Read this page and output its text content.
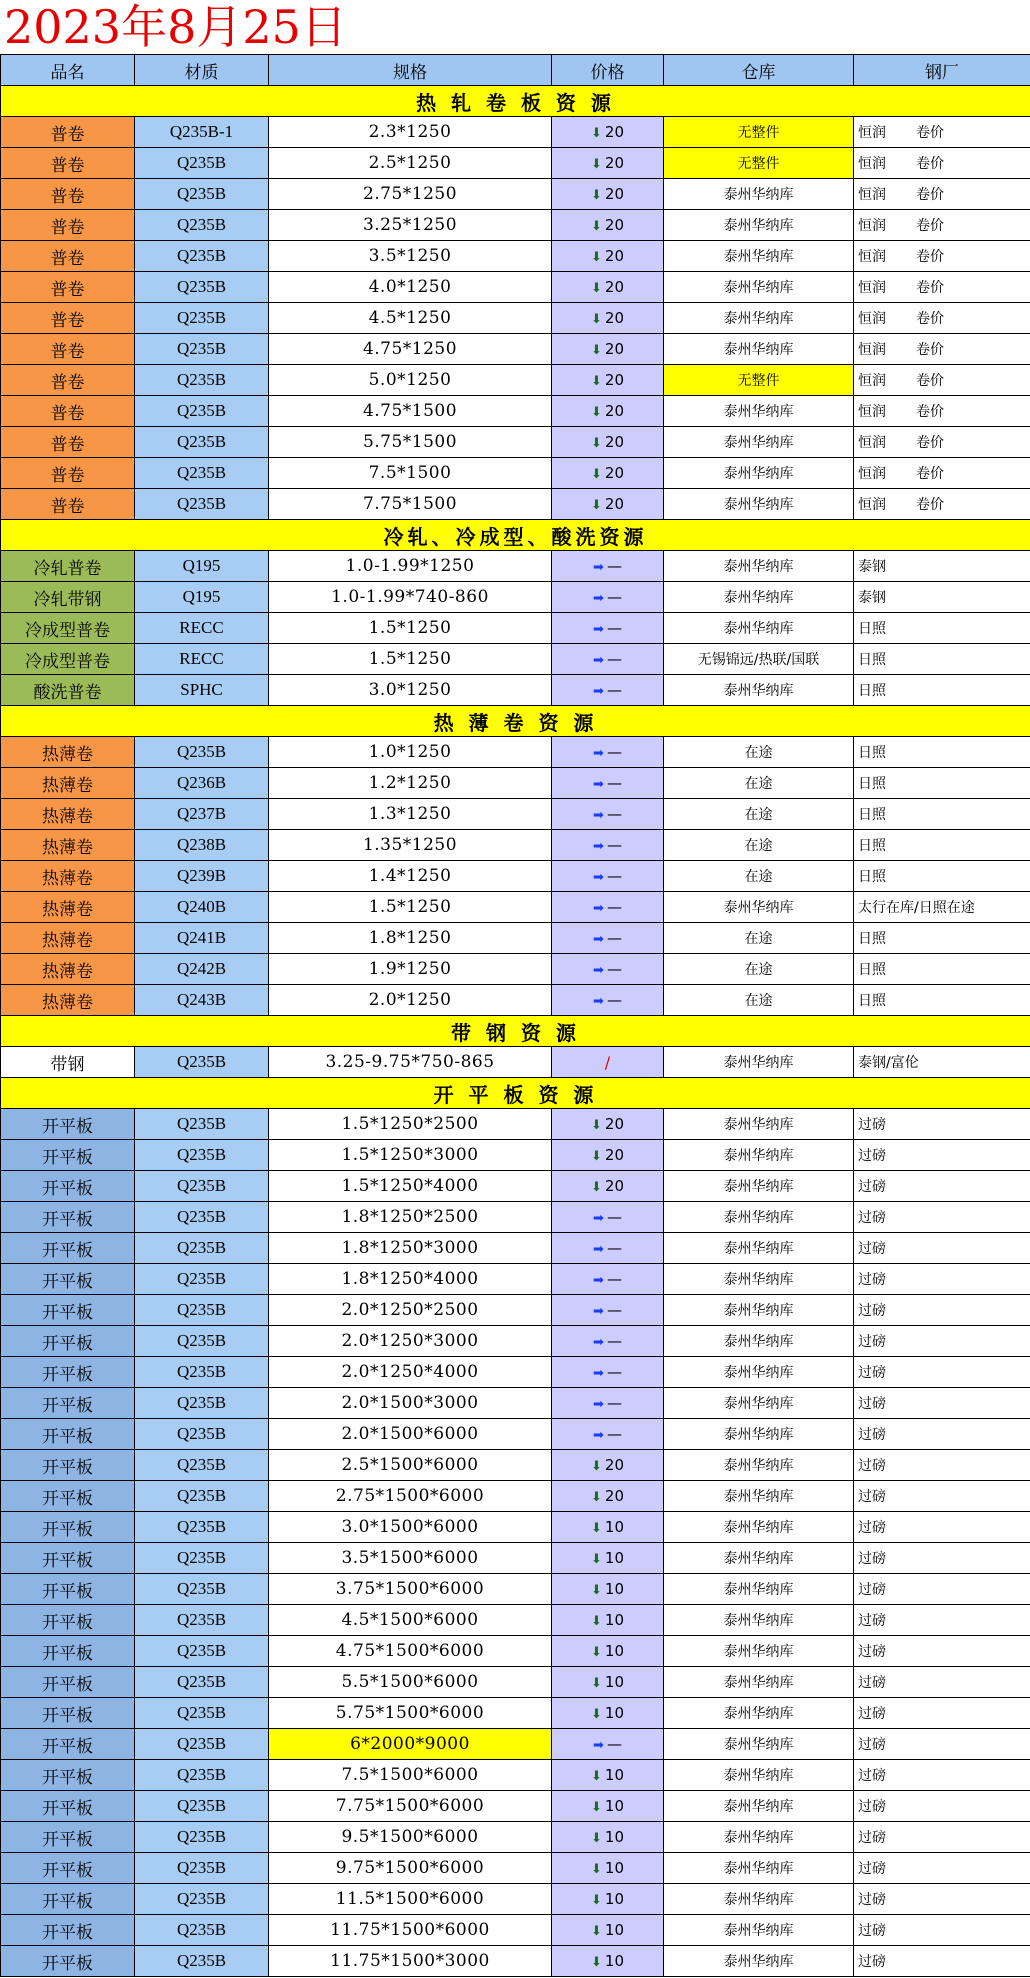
2023年8月25日
品名	材质	规格	价格	仓库	钢厂
热 轧 卷 板 资 源					
普卷	Q235B-1	2.3*1250	⬇ 20	无整件	恒润 卷价
普卷	Q235B	2.5*1250	⬇ 20	无整件	恒润 卷价
普卷	Q235B	2.75*1250	⬇ 20	泰州华纳库	恒润 卷价
普卷	Q235B	3.25*1250	⬇ 20	泰州华纳库	恒润 卷价
普卷	Q235B	3.5*1250	⬇ 20	泰州华纳库	恒润 卷价
普卷	Q235B	4.0*1250	⬇ 20	泰州华纳库	恒润 卷价
普卷	Q235B	4.5*1250	⬇ 20	泰州华纳库	恒润 卷价
普卷	Q235B	4.75*1250	⬇ 20	泰州华纳库	恒润 卷价
普卷	Q235B	5.0*1250	⬇ 20	无整件	恒润 卷价
普卷	Q235B	4.75*1500	⬇ 20	泰州华纳库	恒润 卷价
普卷	Q235B	5.75*1500	⬇ 20	泰州华纳库	恒润 卷价
普卷	Q235B	7.5*1500	⬇ 20	泰州华纳库	恒润 卷价
普卷	Q235B	7.75*1500	⬇ 20	泰州华纳库	恒润 卷价
冷轧、冷成型、酸洗资源					
冷轧普卷	Q195	1.0-1.99*1250	➡ —	泰州华纳库	泰钢
冷轧带钢	Q195	1.0-1.99*740-860	➡ —	泰州华纳库	泰钢
冷成型普卷	RECC	1.5*1250	➡ —	泰州华纳库	日照
冷成型普卷	RECC	1.5*1250	➡ —	无锡锦远/热联/国联	日照
酸洗普卷	SPHC	3.0*1250	➡ —	泰州华纳库	日照
热 薄 卷 资 源					
热薄卷	Q235B	1.0*1250	➡ —	在途	日照
热薄卷	Q236B	1.2*1250	➡ —	在途	日照
热薄卷	Q237B	1.3*1250	➡ —	在途	日照
热薄卷	Q238B	1.35*1250	➡ —	在途	日照
热薄卷	Q239B	1.4*1250	➡ —	在途	日照
热薄卷	Q240B	1.5*1250	➡ —	泰州华纳库	太行在库/日照在途
热薄卷	Q241B	1.8*1250	➡ —	在途	日照
热薄卷	Q242B	1.9*1250	➡ —	在途	日照
热薄卷	Q243B	2.0*1250	➡ —	在途	日照
带 钢 资 源					
带钢	Q235B	3.25-9.75*750-865	/	泰州华纳库	泰钢/富伦
开 平 板 资 源					
开平板	Q235B	1.5*1250*2500	⬇ 20	泰州华纳库	过磅
开平板	Q235B	1.5*1250*3000	⬇ 20	泰州华纳库	过磅
开平板	Q235B	1.5*1250*4000	⬇ 20	泰州华纳库	过磅
开平板	Q235B	1.8*1250*2500	➡ —	泰州华纳库	过磅
开平板	Q235B	1.8*1250*3000	➡ —	泰州华纳库	过磅
开平板	Q235B	1.8*1250*4000	➡ —	泰州华纳库	过磅
开平板	Q235B	2.0*1250*2500	➡ —	泰州华纳库	过磅
开平板	Q235B	2.0*1250*3000	➡ —	泰州华纳库	过磅
开平板	Q235B	2.0*1250*4000	➡ —	泰州华纳库	过磅
开平板	Q235B	2.0*1500*3000	➡ —	泰州华纳库	过磅
开平板	Q235B	2.0*1500*6000	➡ —	泰州华纳库	过磅
开平板	Q235B	2.5*1500*6000	⬇ 20	泰州华纳库	过磅
开平板	Q235B	2.75*1500*6000	⬇ 20	泰州华纳库	过磅
开平板	Q235B	3.0*1500*6000	⬇ 10	泰州华纳库	过磅
开平板	Q235B	3.5*1500*6000	⬇ 10	泰州华纳库	过磅
开平板	Q235B	3.75*1500*6000	⬇ 10	泰州华纳库	过磅
开平板	Q235B	4.5*1500*6000	⬇ 10	泰州华纳库	过磅
开平板	Q235B	4.75*1500*6000	⬇ 10	泰州华纳库	过磅
开平板	Q235B	5.5*1500*6000	⬇ 10	泰州华纳库	过磅
开平板	Q235B	5.75*1500*6000	⬇ 10	泰州华纳库	过磅
开平板	Q235B	6*2000*9000	➡ —	泰州华纳库	过磅
开平板	Q235B	7.5*1500*6000	⬇ 10	泰州华纳库	过磅
开平板	Q235B	7.75*1500*6000	⬇ 10	泰州华纳库	过磅
开平板	Q235B	9.5*1500*6000	⬇ 10	泰州华纳库	过磅
开平板	Q235B	9.75*1500*6000	⬇ 10	泰州华纳库	过磅
开平板	Q235B	11.5*1500*6000	⬇ 10	泰州华纳库	过磅
开平板	Q235B	11.75*1500*6000	⬇ 10	泰州华纳库	过磅
开平板	Q235B	11.75*1500*3000	⬇ 10	泰州华纳库	过磅
